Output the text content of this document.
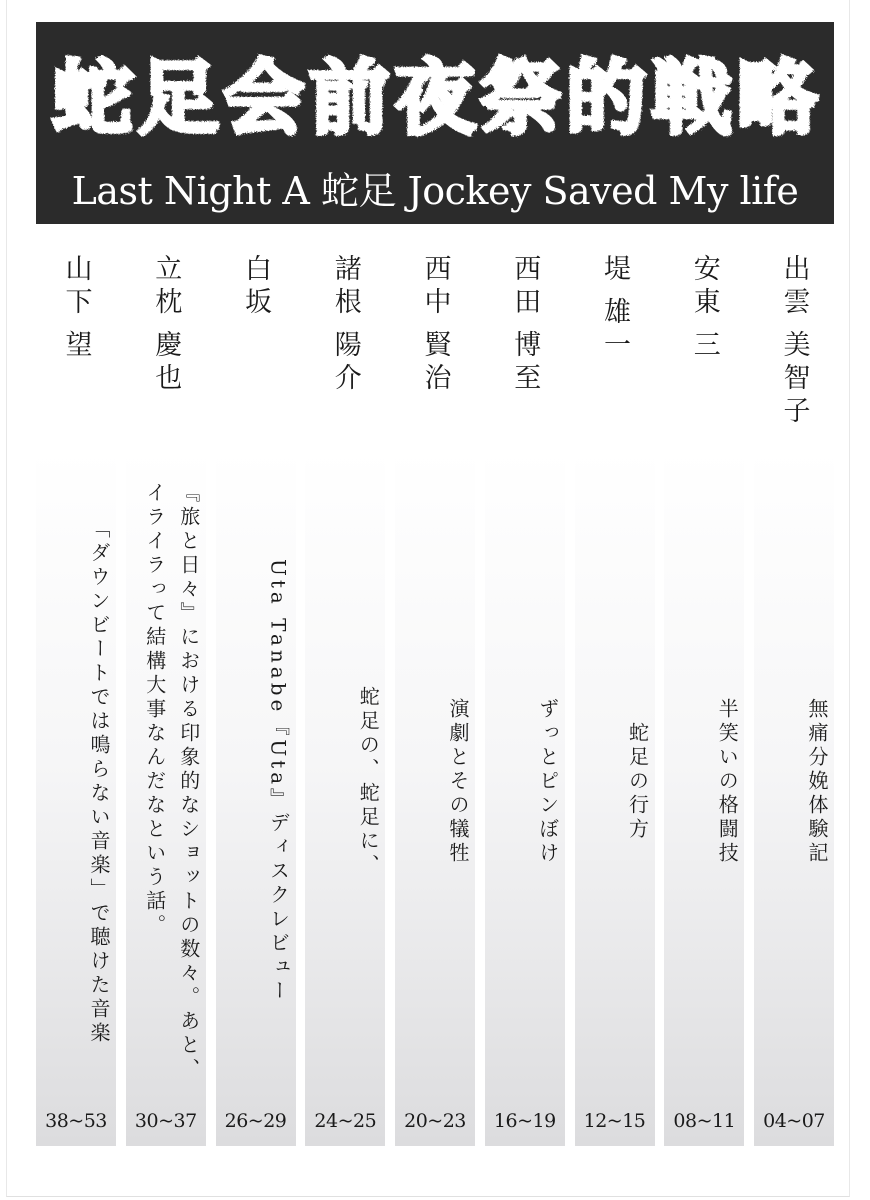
蛇 足 会 前 夜 祭 的 戦 略
Last Night A 蛇足 Jockey Saved My life
出雲
美智子
無痛分娩体験記
04~07
安東
三
半笑いの格闘技
08~11
堤
雄一
蛇足の行方
12~15
西田
博至
ずっとピンぼけ
16~19
西中
賢治
演劇とその犠牲
20~23
諸根
陽介
蛇足の、蛇足に、
24~25
白坂
Uta Tanabe『Uta』ディスクレビュー
26~29
立枕
慶也
『旅と日々』における印象的なショットの数々。あと、イライラって結構大事なんだなという話。
30~37
山下
望
「ダウンビートでは鳴らない音楽」で聴けた音楽
38~53
